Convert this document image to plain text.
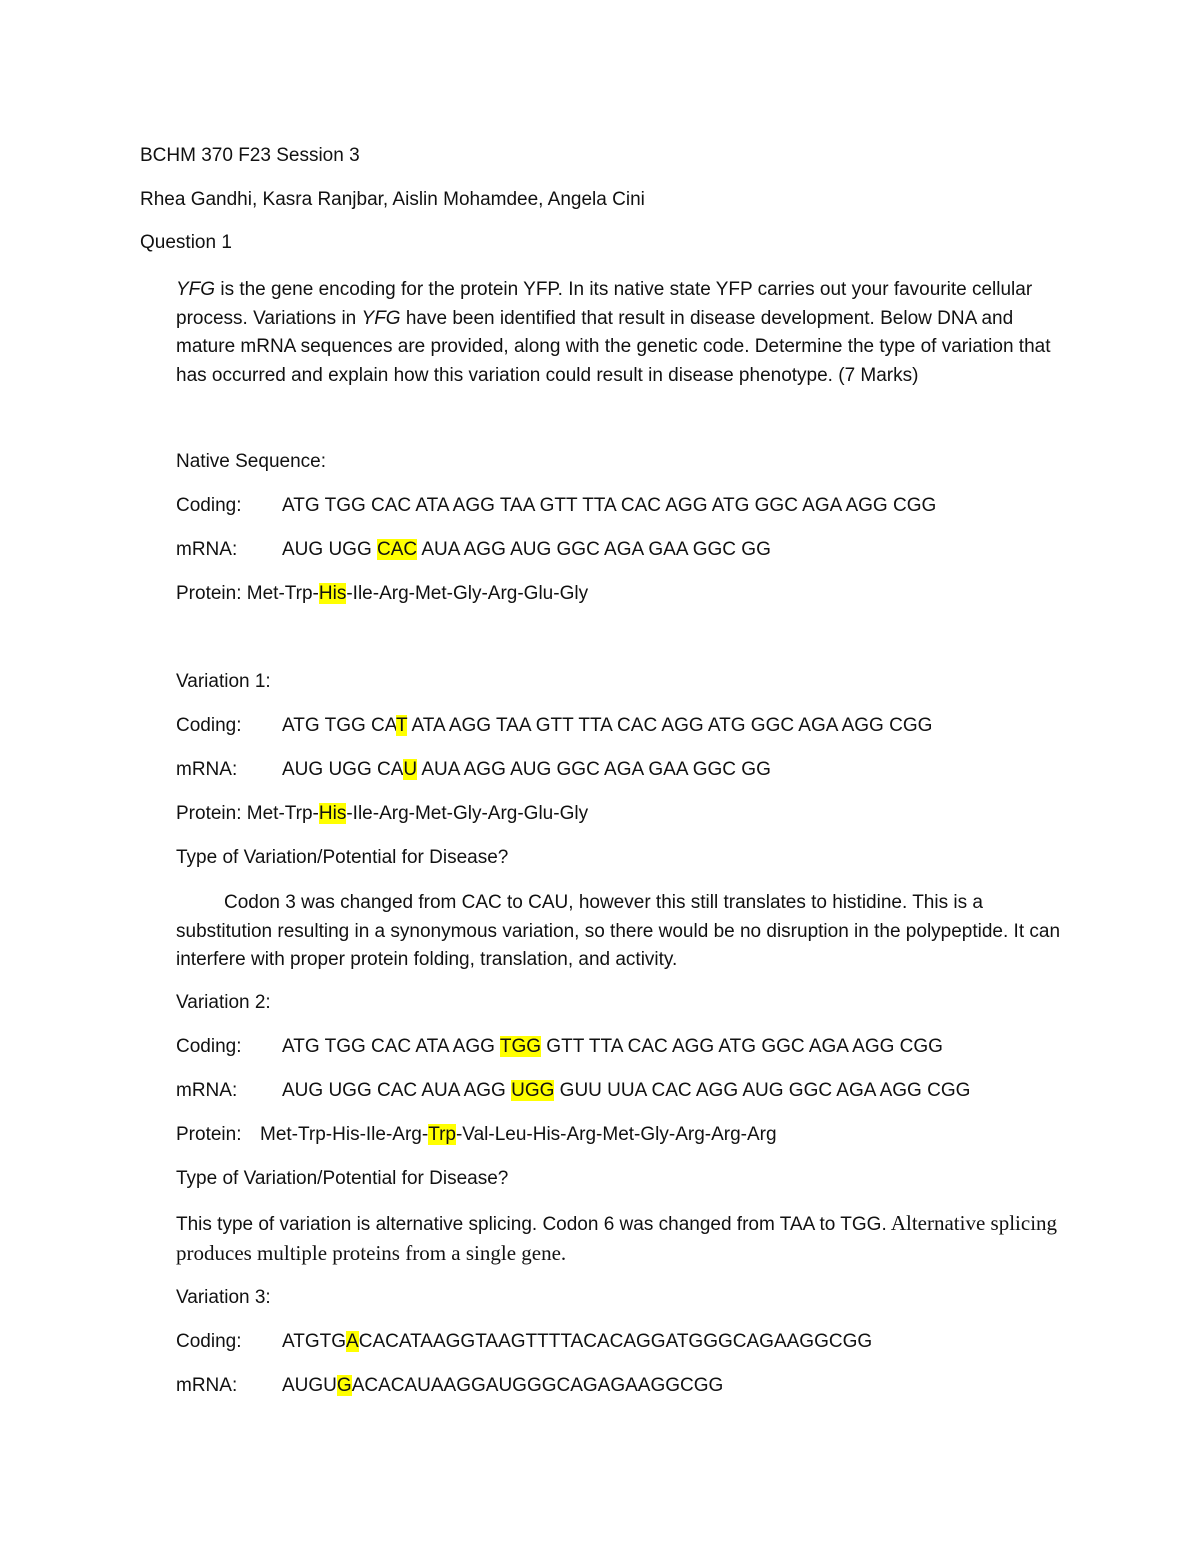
BCHM 370 F23 Session 3
Rhea Gandhi, Kasra Ranjbar, Aislin Mohamdee, Angela Cini
Question 1

YFG is the gene encoding for the protein YFP. In its native state YFP carries out your favourite cellular process. Variations in YFG have been identified that result in disease development. Below DNA and mature mRNA sequences are provided, along with the genetic code. Determine the type of variation that has occurred and explain how this variation could result in disease phenotype. (7 Marks)

Native Sequence:
Coding: ATG TGG CAC ATA AGG TAA GTT TTA CAC AGG ATG GGC AGA AGG CGG
mRNA: AUG UGG CAC AUA AGG AUG GGC AGA GAA GGC GG
Protein: Met-Trp-His-Ile-Arg-Met-Gly-Arg-Glu-Gly
Variation 1:
Coding: ATG TGG CAT ATA AGG TAA GTT TTA CAC AGG ATG GGC AGA AGG CGG
mRNA: AUG UGG CAU AUA AGG AUG GGC AGA GAA GGC GG
Protein: Met-Trp-His-Ile-Arg-Met-Gly-Arg-Glu-Gly
Type of Variation/Potential for Disease?

Codon 3 was changed from CAC to CAU, however this still translates to histidine. This is a substitution resulting in a synonymous variation, so there would be no disruption in the polypeptide. It can interfere with proper protein folding, translation, and activity.

Variation 2:
Coding: ATG TGG CAC ATA AGG TGG GTT TTA CAC AGG ATG GGC AGA AGG CGG
mRNA: AUG UGG CAC AUA AGG UGG GUU UUA CAC AGG AUG GGC AGA AGG CGG
Protein: Met-Trp-His-Ile-Arg-Trp-Val-Leu-His-Arg-Met-Gly-Arg-Arg-Arg
Type of Variation/Potential for Disease?

This type of variation is alternative splicing. Codon 6 was changed from TAA to TGG. Alternative splicing produces multiple proteins from a single gene.

Variation 3:
Coding: ATGTGACACATAAGGTAAGTTTTACACAGGATGGGCAGAAGGCGG
mRNA: AUGUGACACAUAAGGAUGGGCAGAGAAGGCGG
